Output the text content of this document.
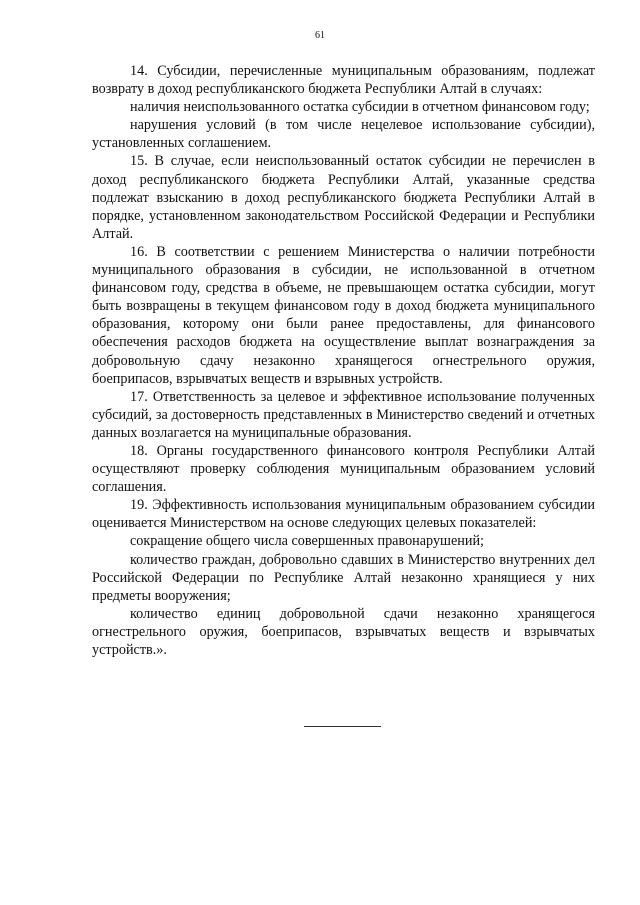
61

14. Субсидии, перечисленные муниципальным образованиям, подлежат возврату в доход республиканского бюджета Республики Алтай в случаях:

наличия неиспользованного остатка субсидии в отчетном финансовом году;

нарушения условий (в том числе нецелевое использование субсидии), установленных соглашением.

15. В случае, если неиспользованный остаток субсидии не перечислен в доход республиканского бюджета Республики Алтай, указанные средства подлежат взысканию в доход республиканского бюджета Республики Алтай в порядке, установленном законодательством Российской Федерации и Республики Алтай.

16. В соответствии с решением Министерства о наличии потребности муниципального образования в субсидии, не использованной в отчетном финансовом году, средства в объеме, не превышающем остатка субсидии, могут быть возвращены в текущем финансовом году в доход бюджета муниципального образования, которому они были ранее предоставлены, для финансового обеспечения расходов бюджета на осуществление выплат вознаграждения за добровольную сдачу незаконно хранящегося огнестрельного оружия, боеприпасов, взрывчатых веществ и взрывных устройств.

17. Ответственность за целевое и эффективное использование полученных субсидий, за достоверность представленных в Министерство сведений и отчетных данных возлагается на муниципальные образования.

18. Органы государственного финансового контроля Республики Алтай осуществляют проверку соблюдения муниципальным образованием условий соглашения.

19. Эффективность использования муниципальным образованием субсидии оценивается Министерством на основе следующих целевых показателей:

сокращение общего числа совершенных правонарушений;

количество граждан, добровольно сдавших в Министерство внутренних дел Российской Федерации по Республике Алтай незаконно хранящиеся у них предметы вооружения;

количество единиц добровольной сдачи незаконно хранящегося огнестрельного оружия, боеприпасов, взрывчатых веществ и взрывчатых устройств.».
